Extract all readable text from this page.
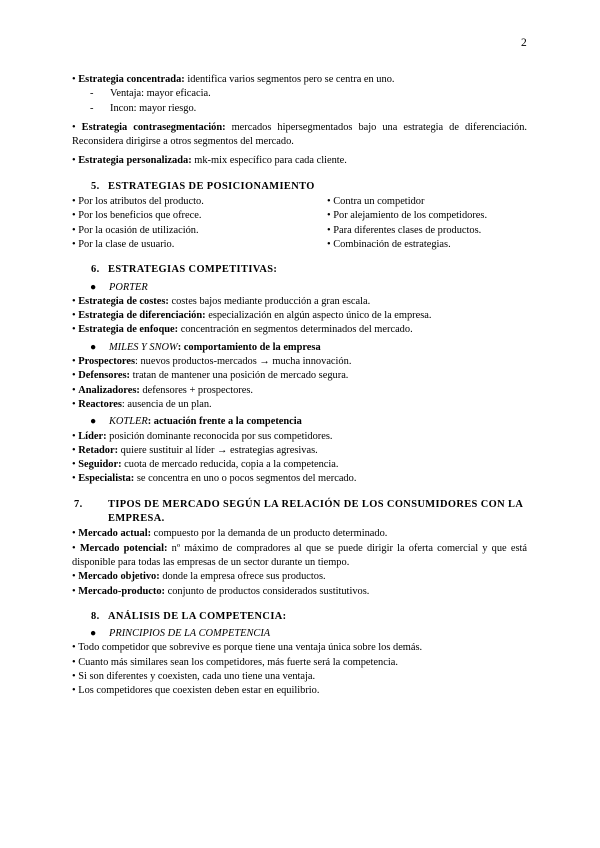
2

• Estrategia concentrada: identifica varios segmentos pero se centra en uno.

- Ventaja: mayor eficacia.

- Incon: mayor riesgo.

• Estrategia contrasegmentación: mercados hipersegmentados bajo una estrategia de diferenciación. Reconsidera dirigirse a otros segmentos del mercado.

• Estrategia personalizada: mk-mix específico para cada cliente.

5. ESTRATEGIAS DE POSICIONAMIENTO

• Por los atributos del producto.

• Por los beneficios que ofrece.

• Por la ocasión de utilización.

• Por la clase de usuario.

• Contra un competidor

• Por alejamiento de los competidores.

• Para diferentes clases de productos.

• Combinación de estrategias.

6. ESTRATEGIAS COMPETITIVAS:

● PORTER

• Estrategia de costes: costes bajos mediante producción a gran escala.

• Estrategia de diferenciación: especialización en algún aspecto único de la empresa.

• Estrategia de enfoque: concentración en segmentos determinados del mercado.

● MILES Y SNOW: comportamiento de la empresa

• Prospectores: nuevos productos-mercados → mucha innovación.

• Defensores: tratan de mantener una posición de mercado segura.

• Analizadores: defensores + prospectores.

• Reactores: ausencia de un plan.

● KOTLER: actuación frente a la competencia

• Líder: posición dominante reconocida por sus competidores.

• Retador: quiere sustituir al líder → estrategias agresivas.

• Seguidor: cuota de mercado reducida, copia a la competencia.

• Especialista: se concentra en uno o pocos segmentos del mercado.

7. TIPOS DE MERCADO SEGÚN LA RELACIÓN DE LOS CONSUMIDORES CON LA EMPRESA.

• Mercado actual: compuesto por la demanda de un producto determinado.

• Mercado potencial: nº máximo de compradores al que se puede dirigir la oferta comercial y que está disponible para todas las empresas de un sector durante un tiempo.

• Mercado objetivo: donde la empresa ofrece sus productos.

• Mercado-producto: conjunto de productos considerados sustitutivos.

8. ANÁLISIS DE LA COMPETENCIA:

● PRINCIPIOS DE LA COMPETENCIA

• Todo competidor que sobrevive es porque tiene una ventaja única sobre los demás.

• Cuanto más similares sean los competidores, más fuerte será la competencia.

• Si son diferentes y coexisten, cada uno tiene una ventaja.

• Los competidores que coexisten deben estar en equilibrio.
